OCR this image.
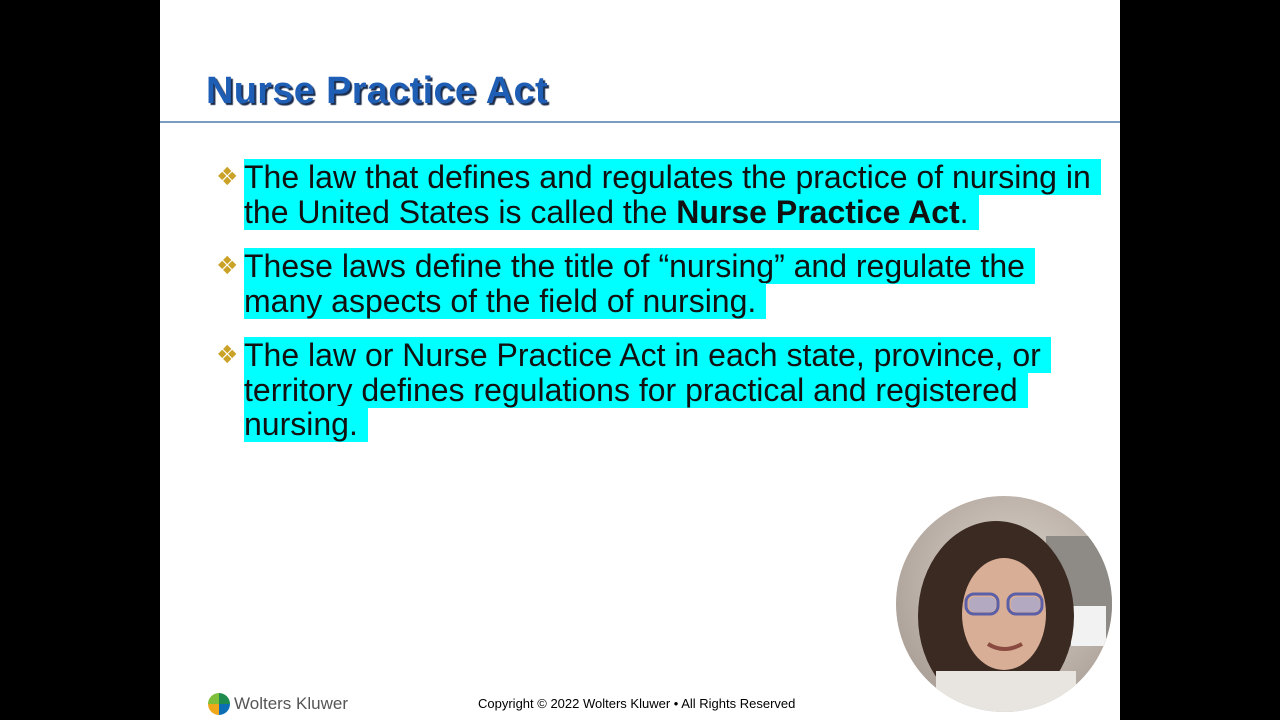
Nurse Practice Act
❖ The law that defines and regulates the practice of nursing in the United States is called the Nurse Practice Act.
❖ These laws define the title of “nursing” and regulate the many aspects of the field of nursing.
❖ The law or Nurse Practice Act in each state, province, or territory defines regulations for practical and registered nursing.
Wolters Kluwer	Copyright © 2022 Wolters Kluwer • All Rights Reserved
